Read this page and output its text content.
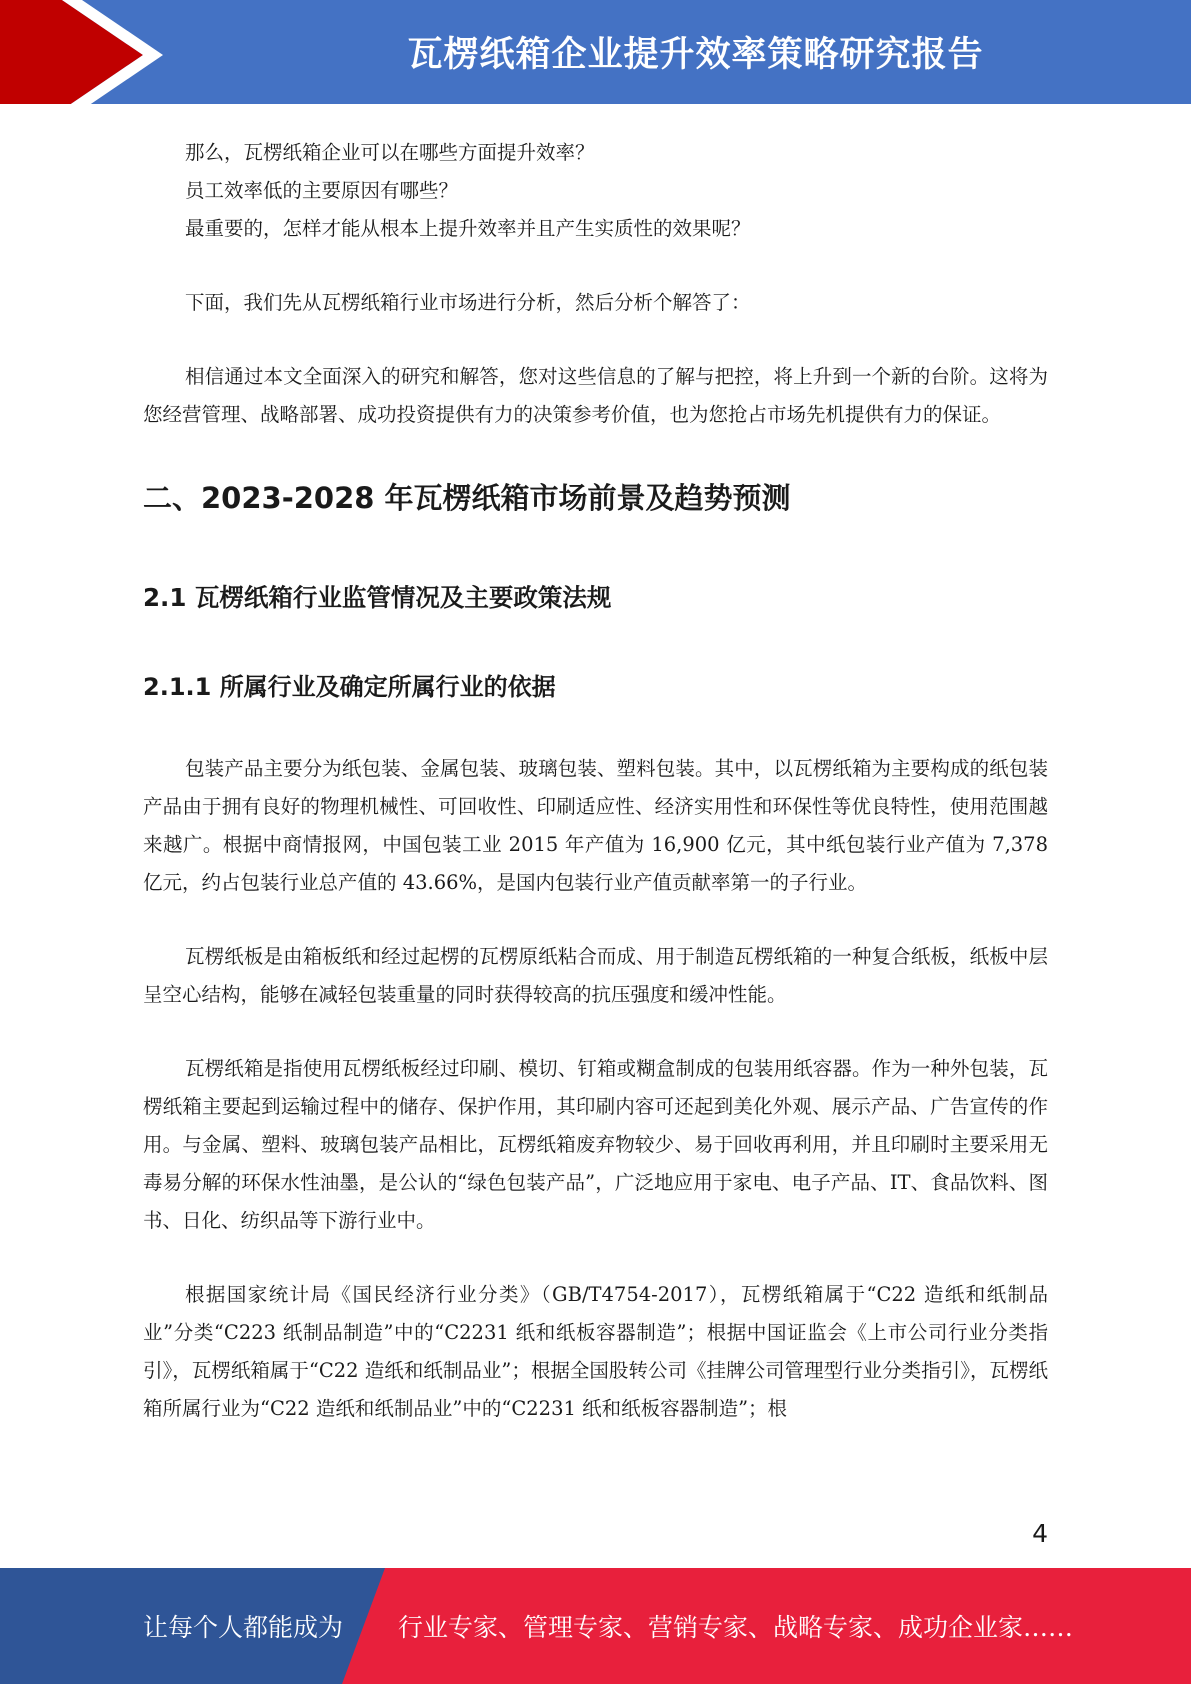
瓦楞纸箱企业提升效率策略研究报告

那么，瓦楞纸箱企业可以在哪些方面提升效率？

员工效率低的主要原因有哪些？

最重要的，怎样才能从根本上提升效率并且产生实质性的效果呢？

下面，我们先从瓦楞纸箱行业市场进行分析，然后分析个解答了：

相信通过本文全面深入的研究和解答，您对这些信息的了解与把控，将上升到一个新的台阶。这将为您经营管理、战略部署、成功投资提供有力的决策参考价值，也为您抢占市场先机提供有力的保证。

二、2023-2028 年瓦楞纸箱市场前景及趋势预测
2.1 瓦楞纸箱行业监管情况及主要政策法规
2.1.1 所属行业及确定所属行业的依据

包装产品主要分为纸包装、金属包装、玻璃包装、塑料包装。其中，以瓦楞纸箱为主要构成的纸包装产品由于拥有良好的物理机械性、可回收性、印刷适应性、经济实用性和环保性等优良特性，使用范围越来越广。根据中商情报网，中国包装工业 2015 年产值为 16,900 亿元，其中纸包装行业产值为 7,378 亿元，约占包装行业总产值的 43.66%，是国内包装行业产值贡献率第一的子行业。

瓦楞纸板是由箱板纸和经过起楞的瓦楞原纸粘合而成、用于制造瓦楞纸箱的一种复合纸板，纸板中层呈空心结构，能够在减轻包装重量的同时获得较高的抗压强度和缓冲性能。

瓦楞纸箱是指使用瓦楞纸板经过印刷、模切、钉箱或糊盒制成的包装用纸容器。作为一种外包装，瓦楞纸箱主要起到运输过程中的储存、保护作用，其印刷内容可还起到美化外观、展示产品、广告宣传的作用。与金属、塑料、玻璃包装产品相比，瓦楞纸箱废弃物较少、易于回收再利用，并且印刷时主要采用无毒易分解的环保水性油墨，是公认的“绿色包装产品”，广泛地应用于家电、电子产品、IT、食品饮料、图书、日化、纺织品等下游行业中。

根据国家统计局《国民经济行业分类》（GB/T4754-2017），瓦楞纸箱属于“C22 造纸和纸制品业”分类“C223 纸制品制造”中的“C2231 纸和纸板容器制造”；根据中国证监会《上市公司行业分类指引》，瓦楞纸箱属于“C22 造纸和纸制品业”；根据全国股转公司《挂牌公司管理型行业分类指引》，瓦楞纸箱所属行业为“C22 造纸和纸制品业”中的“C2231 纸和纸板容器制造”；根

4
让每个人都能成为 行业专家、管理专家、营销专家、战略专家、成功企业家……
